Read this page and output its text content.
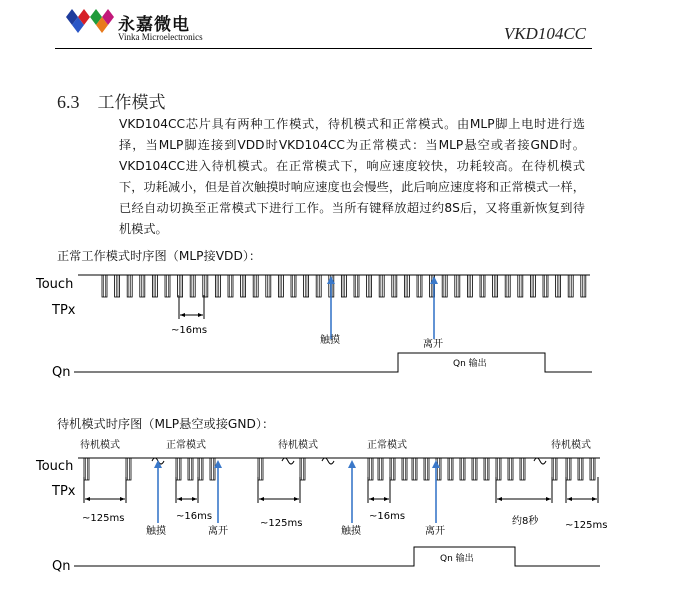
永嘉微电
Vinka Microelectronics	VKD104CC
6.3 工作模式

VKD104CC芯片具有两种工作模式，待机模式和正常模式。由MLP脚上电时进行选择，当MLP脚连接到VDD时VKD104CC为正常模式：当MLP悬空或者接GND时。VKD104CC进入待机模式。在正常模式下，响应速度较快，功耗较高。在待机模式下，功耗减小，但是首次触摸时响应速度也会慢些，此后响应速度将和正常模式一样，已经自动切换至正常模式下进行工作。当所有键释放超过约8S后，又将重新恢复到待机模式。

正常工作模式时序图（MLP接VDD）：
Touch
TPx
~16ms
触摸	离开
Qn
Qn 输出
待机模式时序图（MLP悬空或接GND）：
待机模式	正常模式	待机模式	正常模式	待机模式
Touch
TPx
~125ms	~16ms
~125ms
~16ms	约8秒	~125ms
触摸	离开	触摸	离开
Qn	Qn 输出
